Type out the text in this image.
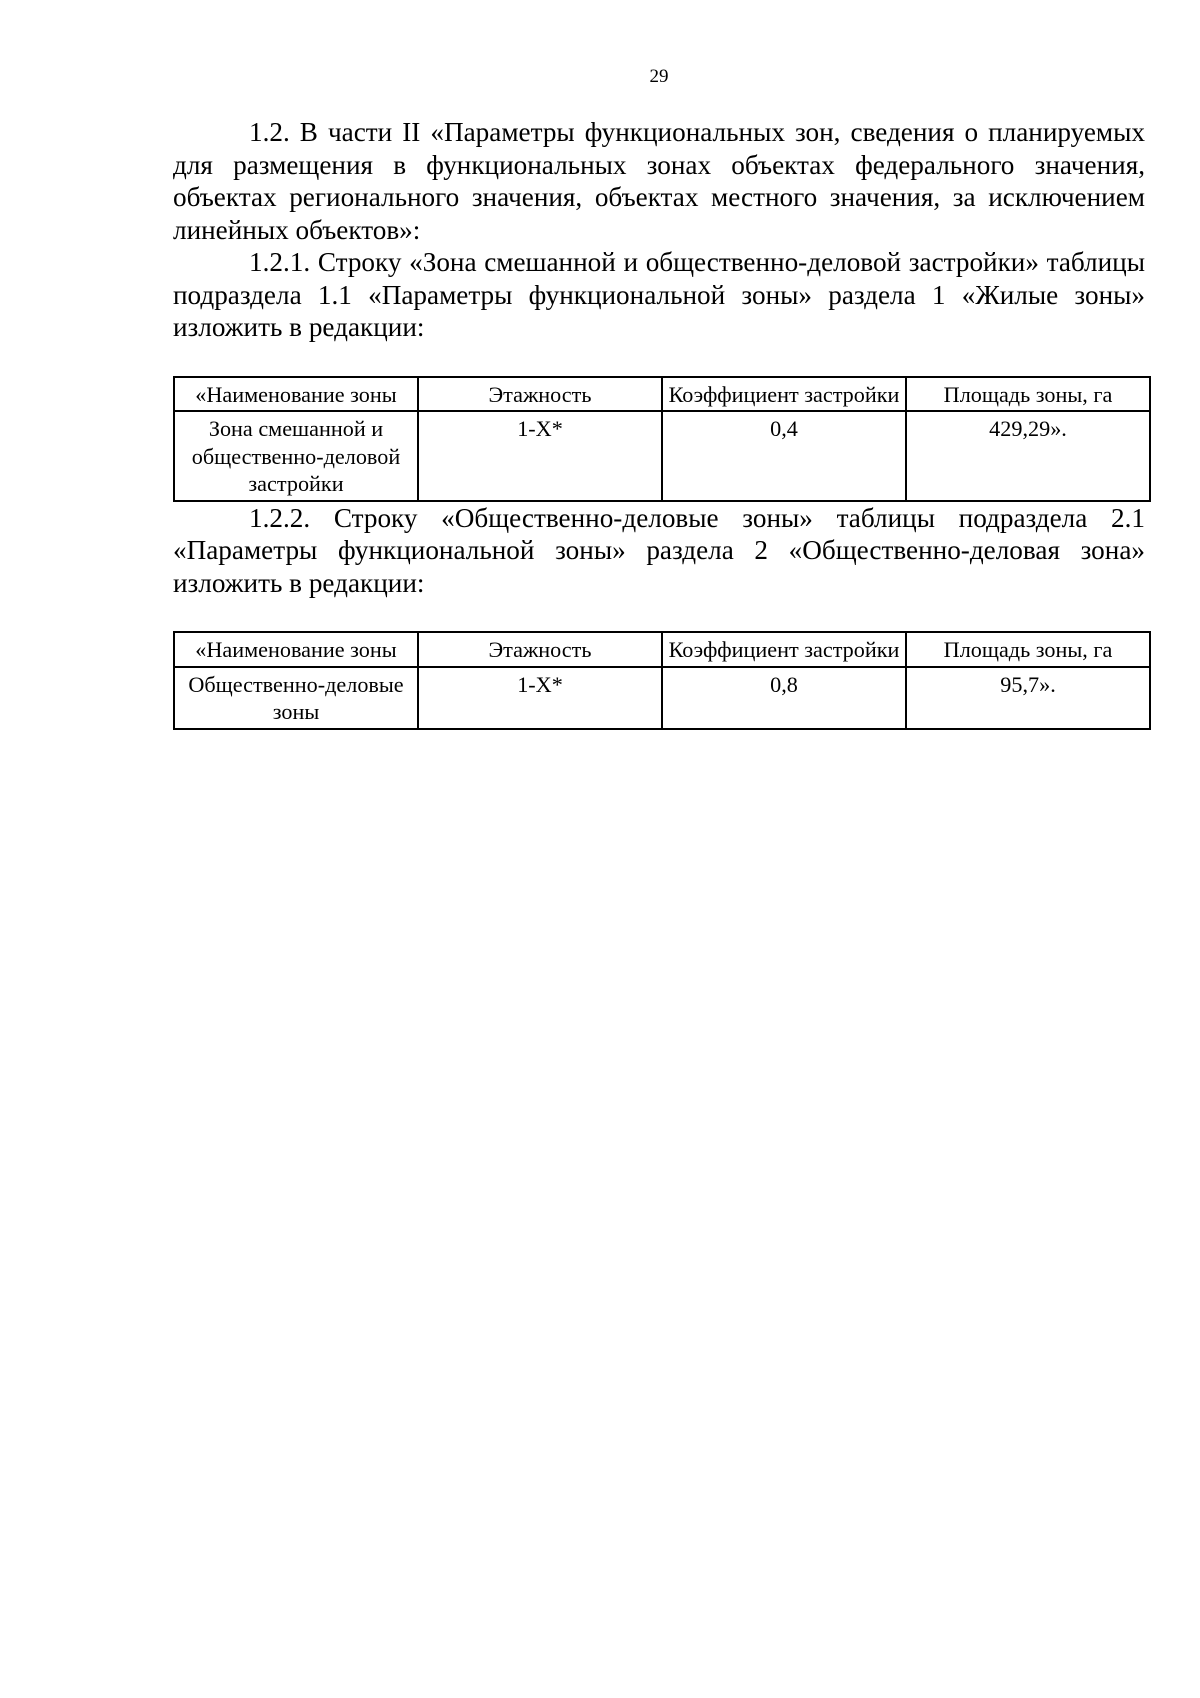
29

1.2. В части II «Параметры функциональных зон, сведения о планируемых для размещения в функциональных зонах объектах федерального значения, объектах регионального значения, объектах местного значения, за исключением линейных объектов»:

1.2.1. Строку «Зона смешанной и общественно-деловой застройки» таблицы подраздела 1.1 «Параметры функциональной зоны» раздела 1 «Жилые зоны» изложить в редакции:

«Наименование зоны	Этажность	Коэффициент застройки	Площадь зоны, га
Зона смешанной и общественно-деловой застройки	1-Х*	0,4	429,29».

1.2.2. Строку «Общественно-деловые зоны» таблицы подраздела 2.1 «Параметры функциональной зоны» раздела 2 «Общественно-деловая зона» изложить в редакции:

«Наименование зоны	Этажность	Коэффициент застройки	Площадь зоны, га
Общественно-деловые зоны	1-Х*	0,8	95,7».
